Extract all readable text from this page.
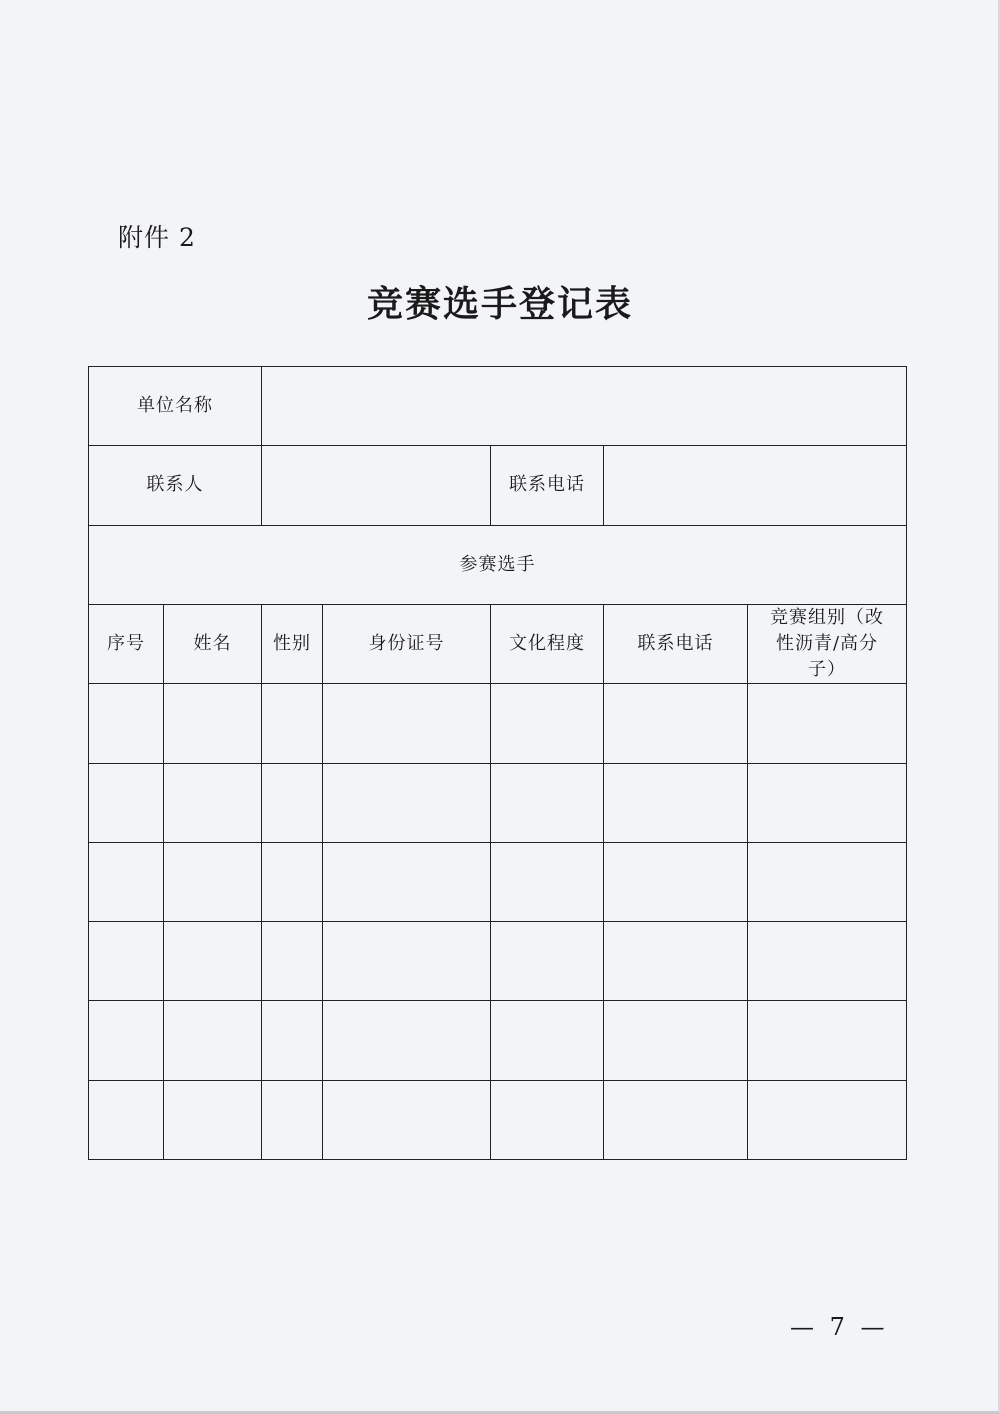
附件 2
竞赛选手登记表
单位名称						
联系人				联系电话		
参赛选手						
序号	姓名	性别	身份证号	文化程度	联系电话	竞赛组别（改性沥青/高分子）

— 7 —
